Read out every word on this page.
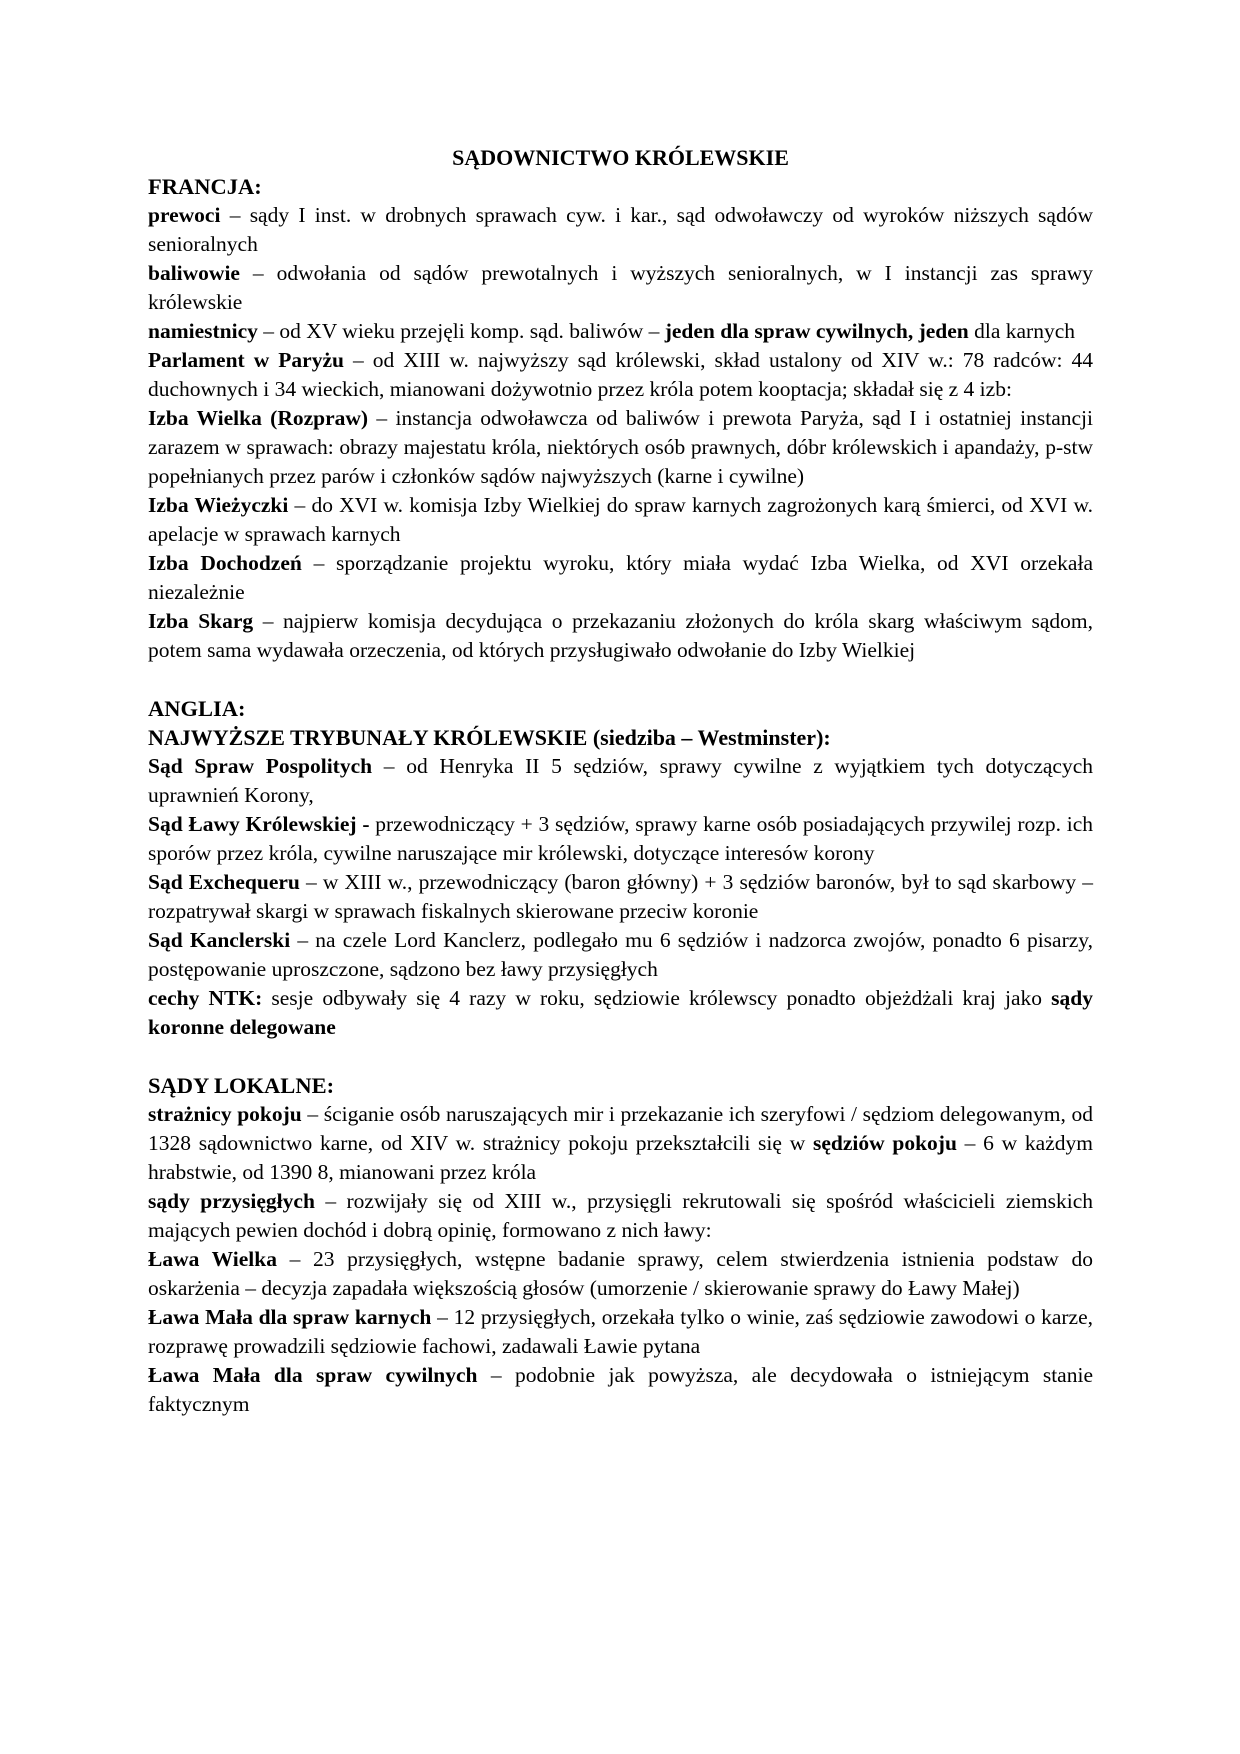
SĄDOWNICTWO KRÓLEWSKIE
FRANCJA:

prewoci – sądy I inst. w drobnych sprawach cyw. i kar., sąd odwoławczy od wyroków niższych sądów senioralnych

baliwowie – odwołania od sądów prewotalnych i wyższych senioralnych, w I instancji zas sprawy królewskie

namiestnicy – od XV wieku przejęli komp. sąd. baliwów – jeden dla spraw cywilnych, jeden dla karnych

Parlament w Paryżu – od XIII w. najwyższy sąd królewski, skład ustalony od XIV w.: 78 radców: 44 duchownych i 34 wieckich, mianowani dożywotnio przez króla potem kooptacja; składał się z 4 izb:

Izba Wielka (Rozpraw) – instancja odwoławcza od baliwów i prewota Paryża, sąd I i ostatniej instancji zarazem w sprawach: obrazy majestatu króla, niektórych osób prawnych, dóbr królewskich i apandaży, p-stw popełnianych przez parów i członków sądów najwyższych (karne i cywilne)

Izba Wieżyczki – do XVI w. komisja Izby Wielkiej do spraw karnych zagrożonych karą śmierci, od XVI w. apelacje w sprawach karnych

Izba Dochodzeń – sporządzanie projektu wyroku, który miała wydać Izba Wielka, od XVI orzekała niezależnie

Izba Skarg – najpierw komisja decydująca o przekazaniu złożonych do króla skarg właściwym sądom, potem sama wydawała orzeczenia, od których przysługiwało odwołanie do Izby Wielkiej

ANGLIA:
NAJWYŻSZE TRYBUNAŁY KRÓLEWSKIE (siedziba – Westminster):

Sąd Spraw Pospolitych – od Henryka II 5 sędziów, sprawy cywilne z wyjątkiem tych dotyczących uprawnień Korony,

Sąd Ławy Królewskiej - przewodniczący + 3 sędziów, sprawy karne osób posiadających przywilej rozp. ich sporów przez króla, cywilne naruszające mir królewski, dotyczące interesów korony

Sąd Exchequeru – w XIII w., przewodniczący (baron główny) + 3 sędziów baronów, był to sąd skarbowy – rozpatrywał skargi w sprawach fiskalnych skierowane przeciw koronie

Sąd Kanclerski – na czele Lord Kanclerz, podlegało mu 6 sędziów i nadzorca zwojów, ponadto 6 pisarzy, postępowanie uproszczone, sądzono bez ławy przysięgłych

cechy NTK: sesje odbywały się 4 razy w roku, sędziowie królewscy ponadto objeżdżali kraj jako sądy koronne delegowane

SĄDY LOKALNE:

strażnicy pokoju – ściganie osób naruszających mir i przekazanie ich szeryfowi / sędziom delegowanym, od 1328 sądownictwo karne, od XIV w. strażnicy pokoju przekształcili się w sędziów pokoju – 6 w każdym hrabstwie, od 1390 8, mianowani przez króla

sądy przysięgłych – rozwijały się od XIII w., przysięgli rekrutowali się spośród właścicieli ziemskich mających pewien dochód i dobrą opinię, formowano z nich ławy:

Ława Wielka – 23 przysięgłych, wstępne badanie sprawy, celem stwierdzenia istnienia podstaw do oskarżenia – decyzja zapadała większością głosów (umorzenie / skierowanie sprawy do Ławy Małej)

Ława Mała dla spraw karnych – 12 przysięgłych, orzekała tylko o winie, zaś sędziowie zawodowi o karze, rozprawę prowadzili sędziowie fachowi, zadawali Ławie pytana

Ława Mała dla spraw cywilnych – podobnie jak powyższa, ale decydowała o istniejącym stanie faktycznym
